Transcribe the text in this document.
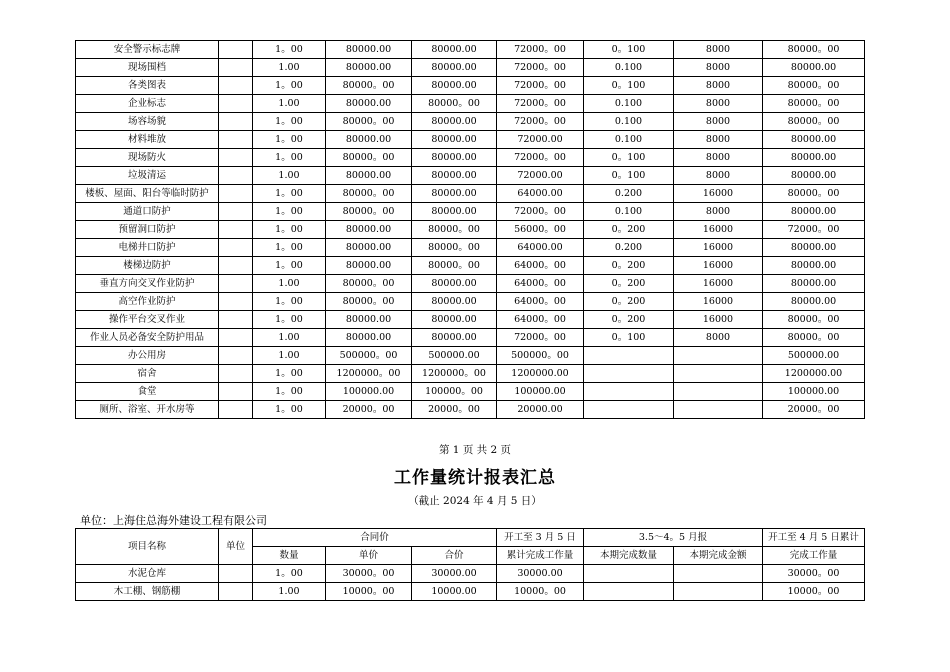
安全警示标志牌		1。00	80000.00	80000.00	72000。00	0。100	8000	80000。00
现场围档		1.00	80000.00	80000.00	72000。00	0.100	8000	80000.00
各类图表		1。00	80000。00	80000.00	72000。00	0。100	8000	80000。00
企业标志		1.00	80000.00	80000。00	72000。00	0.100	8000	80000。00
场容场貌		1。00	80000。00	80000.00	72000。00	0.100	8000	80000。00
材料堆放		1。00	80000.00	80000.00	72000.00	0.100	8000	80000.00
现场防火		1。00	80000。00	80000.00	72000。00	0。100	8000	80000.00
垃圾清运		1.00	80000.00	80000.00	72000.00	0。100	8000	80000.00
楼板、屋面、阳台等临时防护		1。00	80000。00	80000.00	64000.00	0.200	16000	80000。00
通道口防护		1。00	80000。00	80000.00	72000。00	0.100	8000	80000.00
预留洞口防护		1。00	80000.00	80000。00	56000。00	0。200	16000	72000。00
电梯井口防护		1。00	80000.00	80000。00	64000.00	0.200	16000	80000.00
楼梯边防护		1。00	80000.00	80000。00	64000。00	0。200	16000	80000.00
垂直方向交叉作业防护		1.00	80000。00	80000.00	64000。00	0。200	16000	80000.00
高空作业防护		1。00	80000。00	80000.00	64000。00	0。200	16000	80000.00
操作平台交叉作业		1。00	80000.00	80000.00	64000。00	0。200	16000	80000。00
作业人员必备安全防护用品		1.00	80000.00	80000.00	72000。00	0。100	8000	80000。00
办公用房		1.00	500000。00	500000.00	500000。00			500000.00
宿舍		1。00	1200000。00	1200000。00	1200000.00			1200000.00
食堂		1。00	100000.00	100000。00	100000.00			100000.00
厕所、浴室、开水房等		1。00	20000。00	20000。00	20000.00			20000。00
第 1 页 共 2 页
工作量统计报表汇总
（截止 2024 年 4 月 5 日）
单位：上海住总海外建设工程有限公司
项目名称	单位	合同价			开工至 3 月 5 日	3.5～4。5 月报		开工至 4 月 5 日累计
		数量	单价	合价	累计完成工作量	本期完成数量	本期完成金额	完成工作量
水泥仓库		1。00	30000。00	30000.00	30000.00			30000。00
木工棚、钢筋棚		1.00	10000。00	10000.00	10000。00			10000。00
